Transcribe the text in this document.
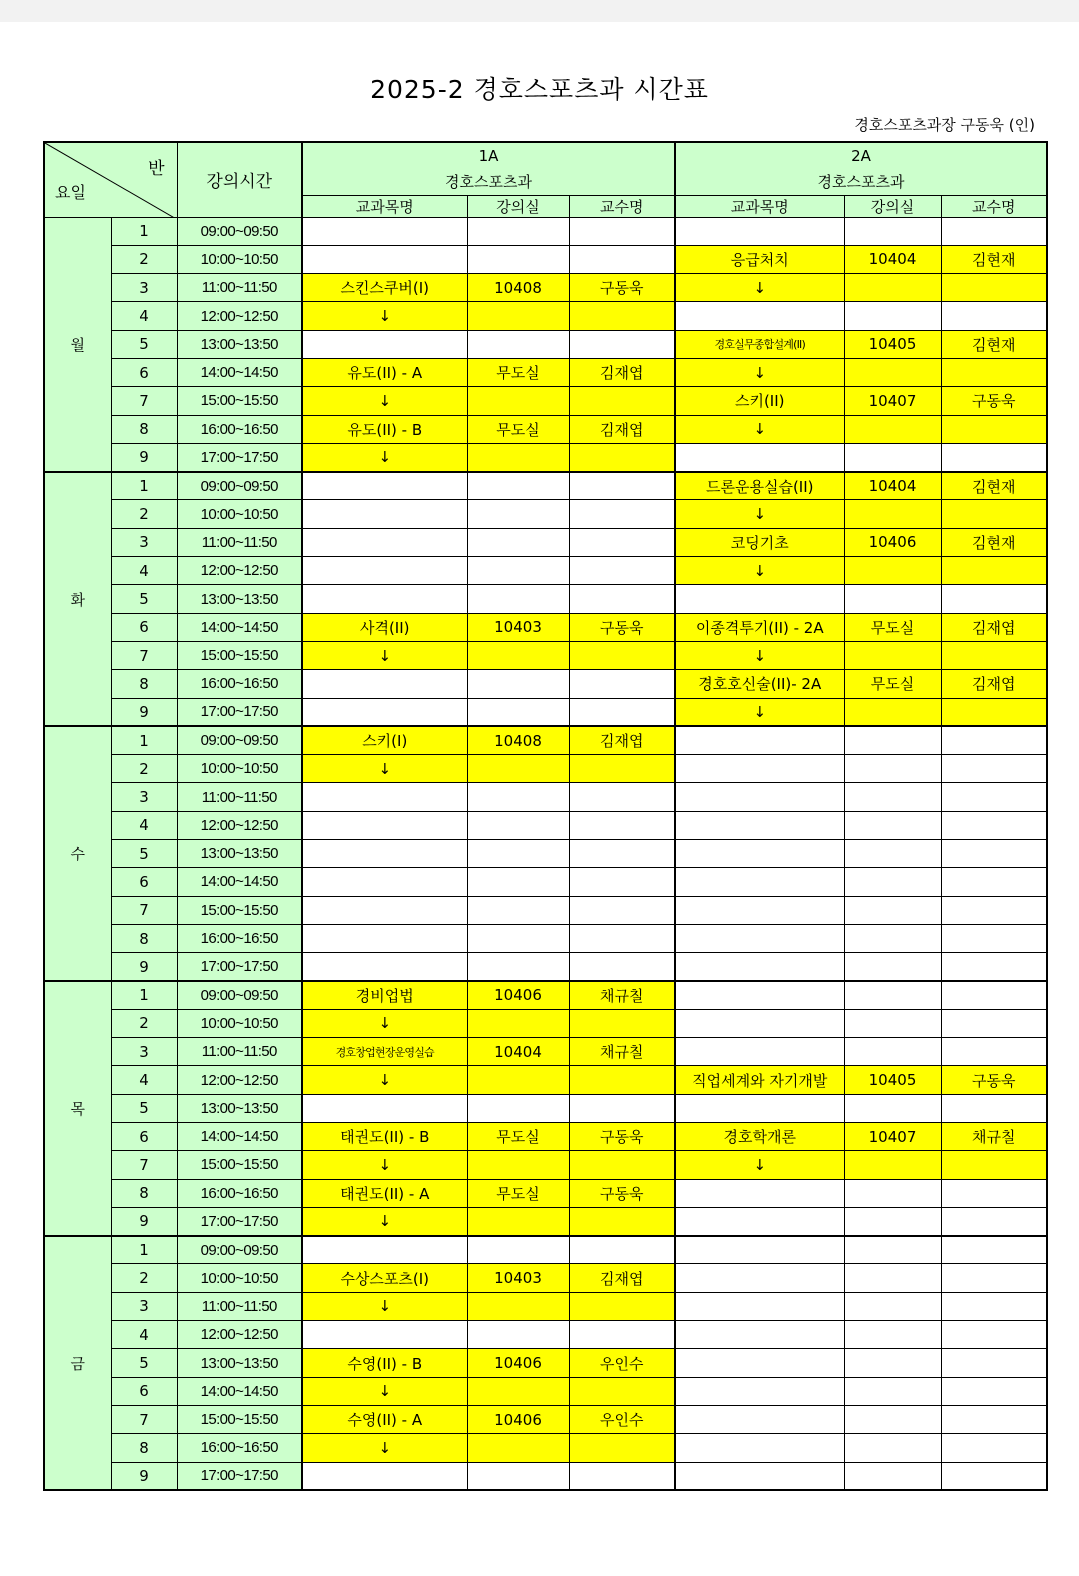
2025-2 경호스포츠과 시간표
경호스포츠과장 구동욱 (인)
반
요일		강의시간	1A			2A		
			경호스포츠과			경호스포츠과		
			교과목명	강의실	교수명	교과목명	강의실	교수명
월	1	09:00~09:50						
	2	10:00~10:50				응급처치	10404	김현재
	3	11:00~11:50	스킨스쿠버(I)	10408	구동욱	↓		
	4	12:00~12:50	↓					
	5	13:00~13:50				경호실무종합설계(II)	10405	김현재
	6	14:00~14:50	유도(II) - A	무도실	김재엽	↓		
	7	15:00~15:50	↓			스키(II)	10407	구동욱
	8	16:00~16:50	유도(II) - B	무도실	김재엽	↓		
	9	17:00~17:50	↓					
화	1	09:00~09:50				드론운용실습(II)	10404	김현재
	2	10:00~10:50				↓		
	3	11:00~11:50				코딩기초	10406	김현재
	4	12:00~12:50				↓		
	5	13:00~13:50						
	6	14:00~14:50	사격(II)	10403	구동욱	이종격투기(II) - 2A	무도실	김재엽
	7	15:00~15:50	↓			↓		
	8	16:00~16:50				경호호신술(II)- 2A	무도실	김재엽
	9	17:00~17:50				↓		
수	1	09:00~09:50	스키(I)	10408	김재엽			
	2	10:00~10:50	↓					
	3	11:00~11:50						
	4	12:00~12:50						
	5	13:00~13:50						
	6	14:00~14:50						
	7	15:00~15:50						
	8	16:00~16:50						
	9	17:00~17:50						
목	1	09:00~09:50	경비업법	10406	채규칠			
	2	10:00~10:50	↓					
	3	11:00~11:50	경호창업현장운영실습	10404	채규칠			
	4	12:00~12:50	↓			직업세계와 자기개발	10405	구동욱
	5	13:00~13:50						
	6	14:00~14:50	태권도(II) - B	무도실	구동욱	경호학개론	10407	채규칠
	7	15:00~15:50	↓			↓		
	8	16:00~16:50	태권도(II) - A	무도실	구동욱			
	9	17:00~17:50	↓					
금	1	09:00~09:50						
	2	10:00~10:50	수상스포츠(I)	10403	김재엽			
	3	11:00~11:50	↓					
	4	12:00~12:50						
	5	13:00~13:50	수영(II) - B	10406	우인수			
	6	14:00~14:50	↓					
	7	15:00~15:50	수영(II) - A	10406	우인수			
	8	16:00~16:50	↓					
	9	17:00~17:50						
